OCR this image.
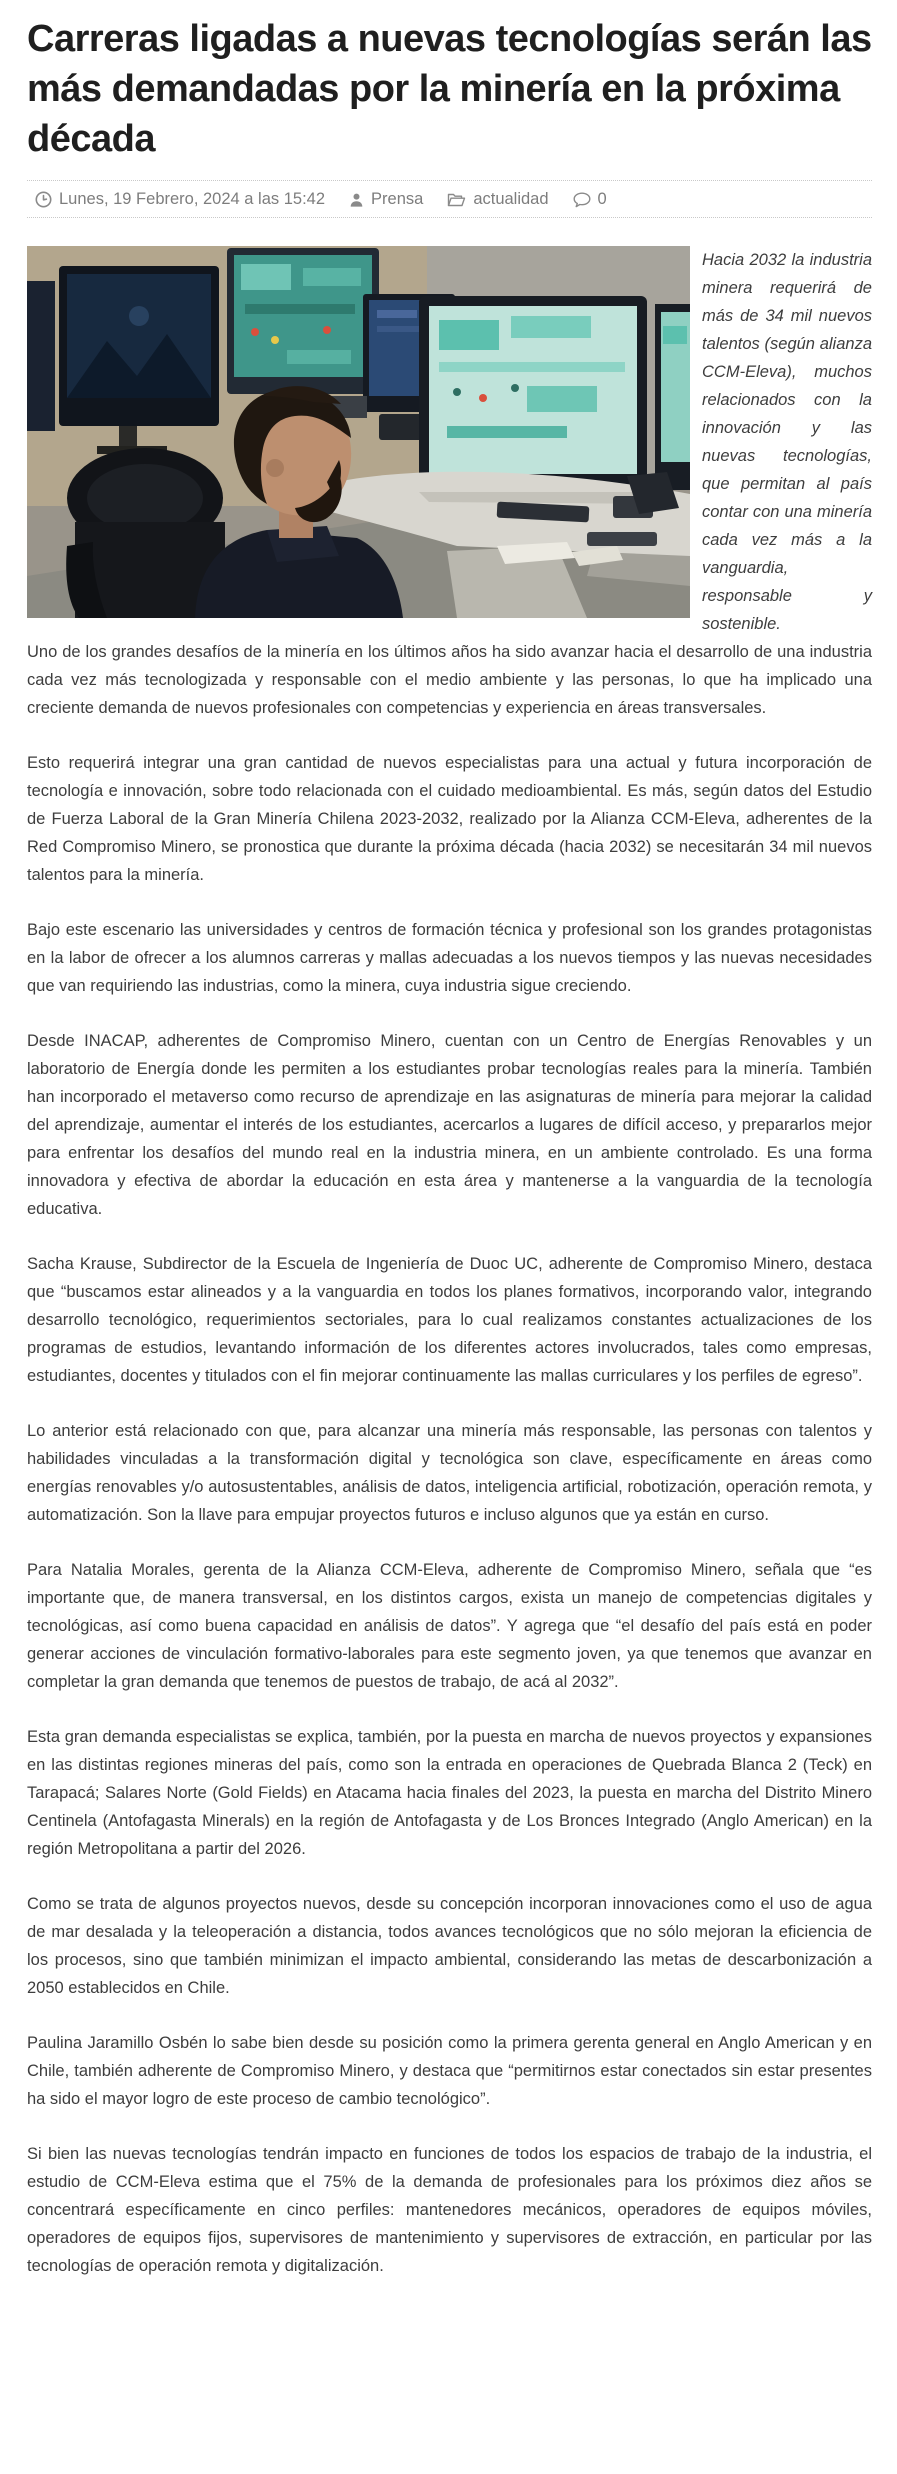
Carreras ligadas a nuevas tecnologías serán las más demandadas por la minería en la próxima década
Lunes, 19 Febrero, 2024 a las 15:42	Prensa	actualidad	0

Hacia 2032 la industria minera requerirá de más de 34 mil nuevos talentos (según alianza CCM-Eleva), muchos relacionados con la innovación y las nuevas tecnologías, que permitan al país contar con una minería cada vez más a la vanguardia, responsable y sostenible.

Uno de los grandes desafíos de la minería en los últimos años ha sido avanzar hacia el desarrollo de una industria cada vez más tecnologizada y responsable con el medio ambiente y las personas, lo que ha implicado una creciente demanda de nuevos profesionales con competencias y experiencia en áreas transversales.

Esto requerirá integrar una gran cantidad de nuevos especialistas para una actual y futura incorporación de tecnología e innovación, sobre todo relacionada con el cuidado medioambiental. Es más, según datos del Estudio de Fuerza Laboral de la Gran Minería Chilena 2023-2032, realizado por la Alianza CCM-Eleva, adherentes de la Red Compromiso Minero, se pronostica que durante la próxima década (hacia 2032) se necesitarán 34 mil nuevos talentos para la minería.

Bajo este escenario las universidades y centros de formación técnica y profesional son los grandes protagonistas en la labor de ofrecer a los alumnos carreras y mallas adecuadas a los nuevos tiempos y las nuevas necesidades que van requiriendo las industrias, como la minera, cuya industria sigue creciendo.

Desde INACAP, adherentes de Compromiso Minero, cuentan con un Centro de Energías Renovables y un laboratorio de Energía donde les permiten a los estudiantes probar tecnologías reales para la minería. También han incorporado el metaverso como recurso de aprendizaje en las asignaturas de minería para mejorar la calidad del aprendizaje, aumentar el interés de los estudiantes, acercarlos a lugares de difícil acceso, y prepararlos mejor para enfrentar los desafíos del mundo real en la industria minera, en un ambiente controlado. Es una forma innovadora y efectiva de abordar la educación en esta área y mantenerse a la vanguardia de la tecnología educativa.

Sacha Krause, Subdirector de la Escuela de Ingeniería de Duoc UC, adherente de Compromiso Minero, destaca que “buscamos estar alineados y a la vanguardia en todos los planes formativos, incorporando valor, integrando desarrollo tecnológico, requerimientos sectoriales, para lo cual realizamos constantes actualizaciones de los programas de estudios, levantando información de los diferentes actores involucrados, tales como empresas, estudiantes, docentes y titulados con el fin mejorar continuamente las mallas curriculares y los perfiles de egreso”.

Lo anterior está relacionado con que, para alcanzar una minería más responsable, las personas con talentos y habilidades vinculadas a la transformación digital y tecnológica son clave, específicamente en áreas como energías renovables y/o autosustentables, análisis de datos, inteligencia artificial, robotización, operación remota, y automatización. Son la llave para empujar proyectos futuros e incluso algunos que ya están en curso.

Para Natalia Morales, gerenta de la Alianza CCM-Eleva, adherente de Compromiso Minero, señala que “es importante que, de manera transversal, en los distintos cargos, exista un manejo de competencias digitales y tecnológicas, así como buena capacidad en análisis de datos”. Y agrega que “el desafío del país está en poder generar acciones de vinculación formativo-laborales para este segmento joven, ya que tenemos que avanzar en completar la gran demanda que tenemos de puestos de trabajo, de acá al 2032”.

Esta gran demanda especialistas se explica, también, por la puesta en marcha de nuevos proyectos y expansiones en las distintas regiones mineras del país, como son la entrada en operaciones de Quebrada Blanca 2 (Teck) en Tarapacá; Salares Norte (Gold Fields) en Atacama hacia finales del 2023, la puesta en marcha del Distrito Minero Centinela (Antofagasta Minerals) en la región de Antofagasta y de Los Bronces Integrado (Anglo American) en la región Metropolitana a partir del 2026.

Como se trata de algunos proyectos nuevos, desde su concepción incorporan innovaciones como el uso de agua de mar desalada y la teleoperación a distancia, todos avances tecnológicos que no sólo mejoran la eficiencia de los procesos, sino que también minimizan el impacto ambiental, considerando las metas de descarbonización a 2050 establecidos en Chile.

Paulina Jaramillo Osbén lo sabe bien desde su posición como la primera gerenta general en Anglo American y en Chile, también adherente de Compromiso Minero, y destaca que “permitirnos estar conectados sin estar presentes ha sido el mayor logro de este proceso de cambio tecnológico”.

Si bien las nuevas tecnologías tendrán impacto en funciones de todos los espacios de trabajo de la industria, el estudio de CCM-Eleva estima que el 75% de la demanda de profesionales para los próximos diez años se concentrará específicamente en cinco perfiles: mantenedores mecánicos, operadores de equipos móviles, operadores de equipos fijos, supervisores de mantenimiento y supervisores de extracción, en particular por las tecnologías de operación remota y digitalización.
